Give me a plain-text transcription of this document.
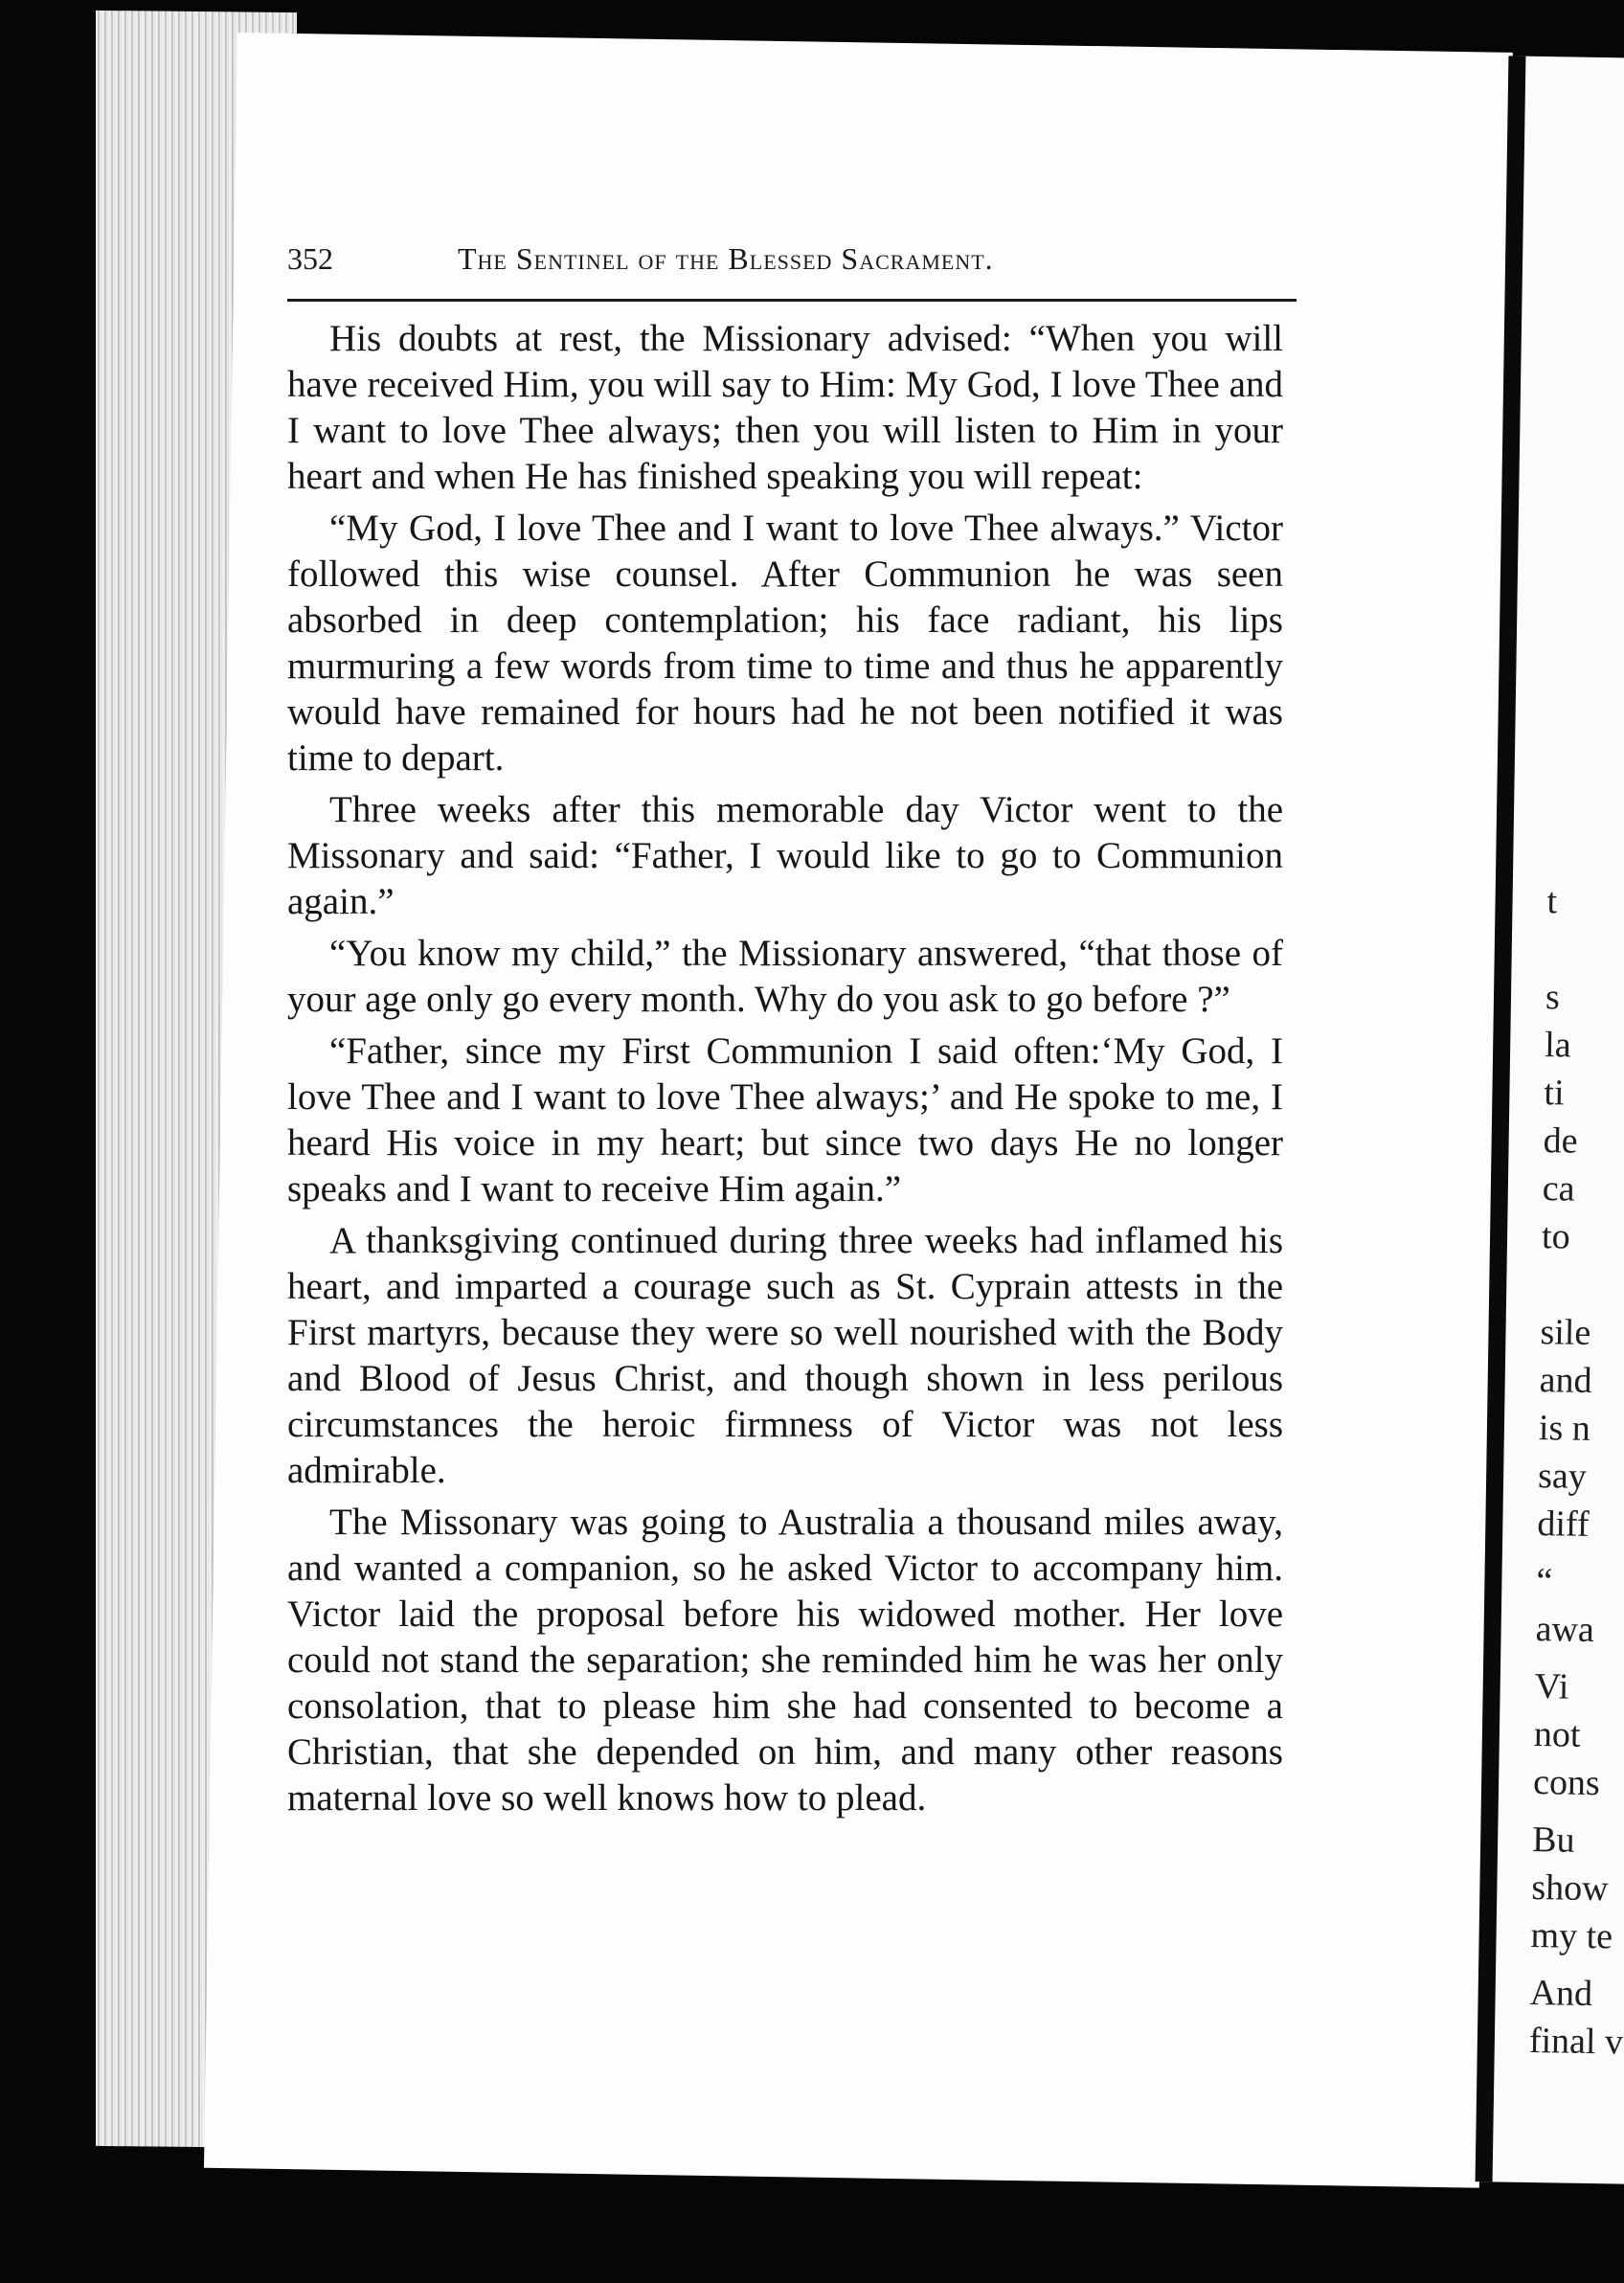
t
s
la
ti
de
ca
to
sile
and
is n
say
diff
“
awa
Vi
not
cons
Bu
show
my te
And
final v
352	The Sentinel of the Blessed Sacrament.

His doubts at rest, the Missionary advised: “When you will have received Him, you will say to Him: My God, I love Thee and I want to love Thee always; then you will listen to Him in your heart and when He has finished speaking you will repeat:

“My God, I love Thee and I want to love Thee always.” Victor followed this wise counsel. After Communion he was seen absorbed in deep contemplation; his face radiant, his lips murmuring a few words from time to time and thus he apparently would have remained for hours had he not been notified it was time to depart.

Three weeks after this memorable day Victor went to the Missonary and said: “Father, I would like to go to Communion again.”

“You know my child,” the Missionary answered, “that those of your age only go every month. Why do you ask to go before ?”

“Father, since my First Communion I said often:‘My God, I love Thee and I want to love Thee always;’ and He spoke to me, I heard His voice in my heart; but since two days He no longer speaks and I want to receive Him again.”

A thanksgiving continued during three weeks had inflamed his heart, and imparted a courage such as St. Cyprain attests in the First martyrs, because they were so well nourished with the Body and Blood of Jesus Christ, and though shown in less perilous circumstances the heroic firmness of Victor was not less admirable.

The Missonary was going to Australia a thousand miles away, and wanted a companion, so he asked Victor to accompany him. Victor laid the proposal before his widowed mother. Her love could not stand the separation; she reminded him he was her only consolation, that to please him she had consented to become a Christian, that she depended on him, and many other reasons maternal love so well knows how to plead.
